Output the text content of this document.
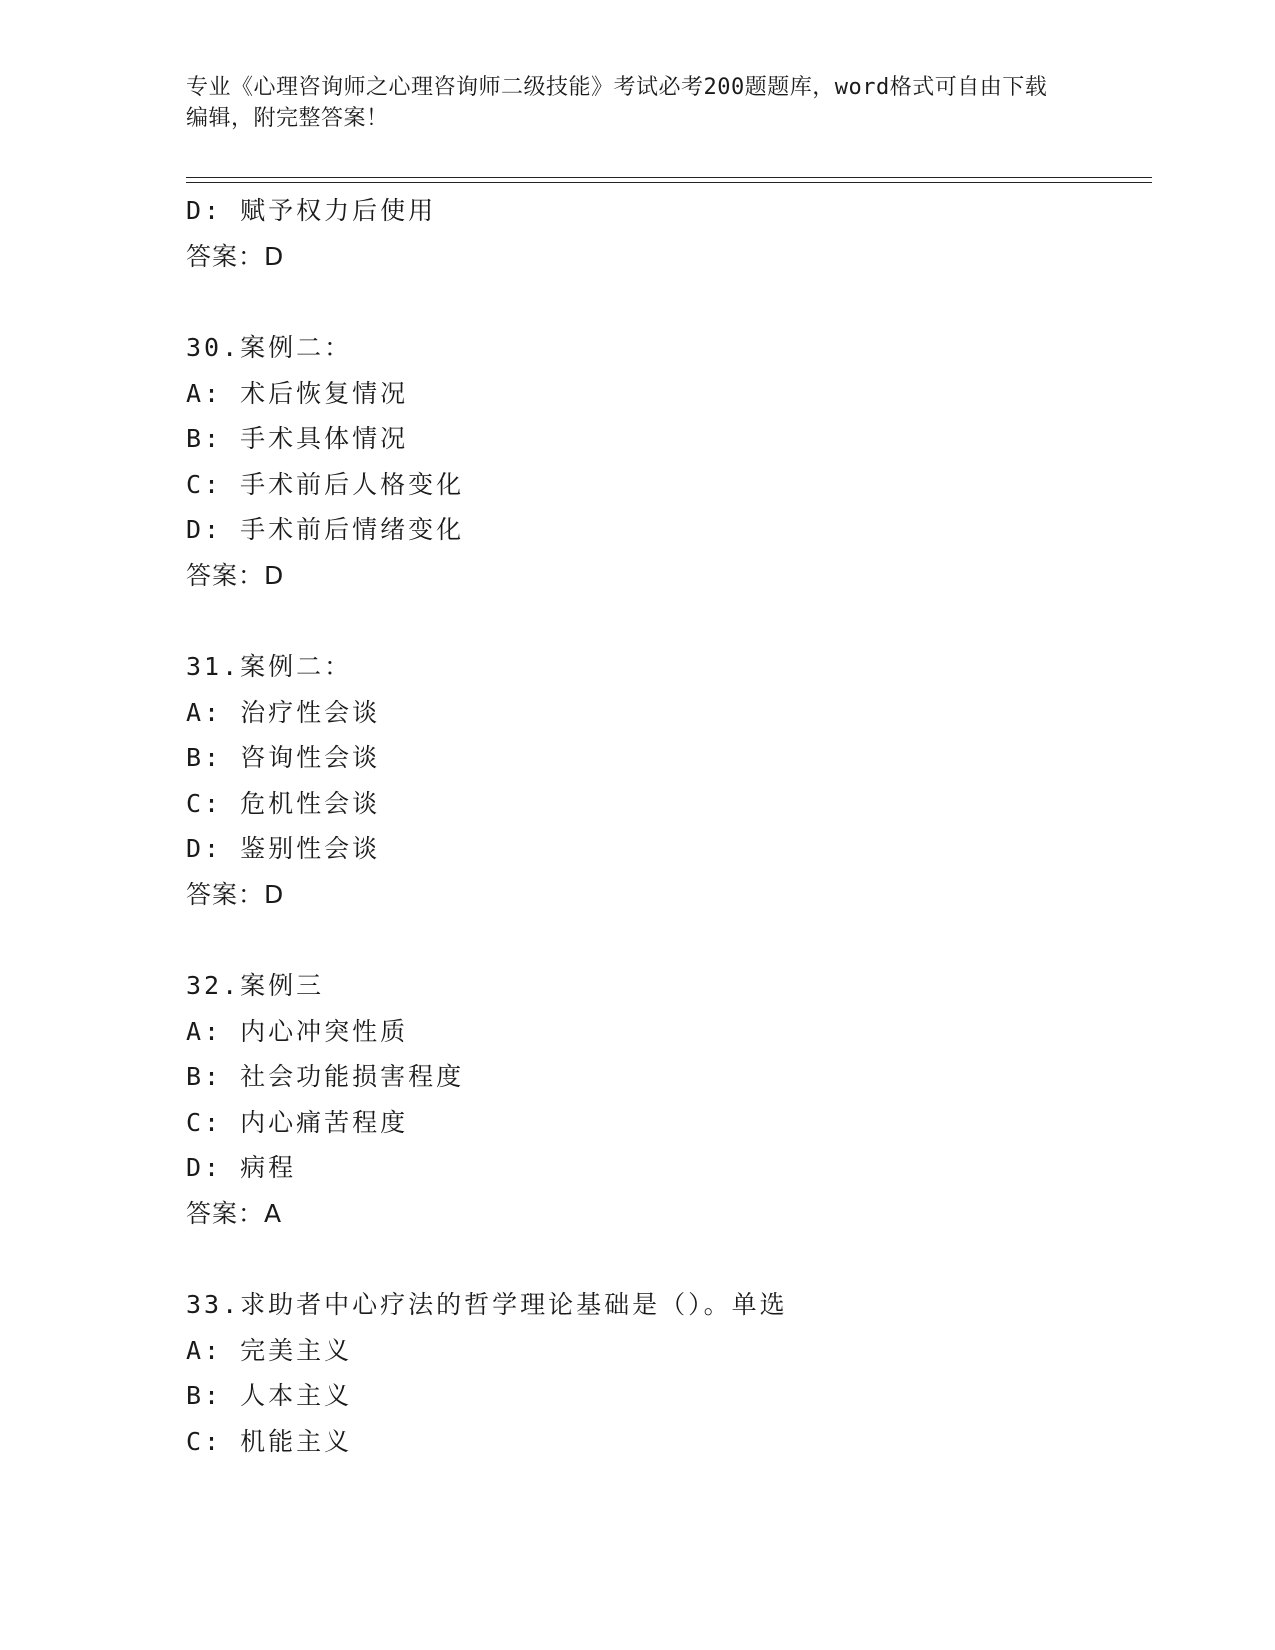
专业《心理咨询师之心理咨询师二级技能》考试必考200题题库，word格式可自由下载编辑，附完整答案！
D: 赋予权力后使用
答案：D
30.案例二：
A: 术后恢复情况
B: 手术具体情况
C: 手术前后人格变化
D: 手术前后情绪变化
答案：D
31.案例二：
A: 治疗性会谈
B: 咨询性会谈
C: 危机性会谈
D: 鉴别性会谈
答案：D
32.案例三
A: 内心冲突性质
B: 社会功能损害程度
C: 内心痛苦程度
D: 病程
答案：A
33.求助者中心疗法的哲学理论基础是（）。单选
A: 完美主义
B: 人本主义
C: 机能主义
